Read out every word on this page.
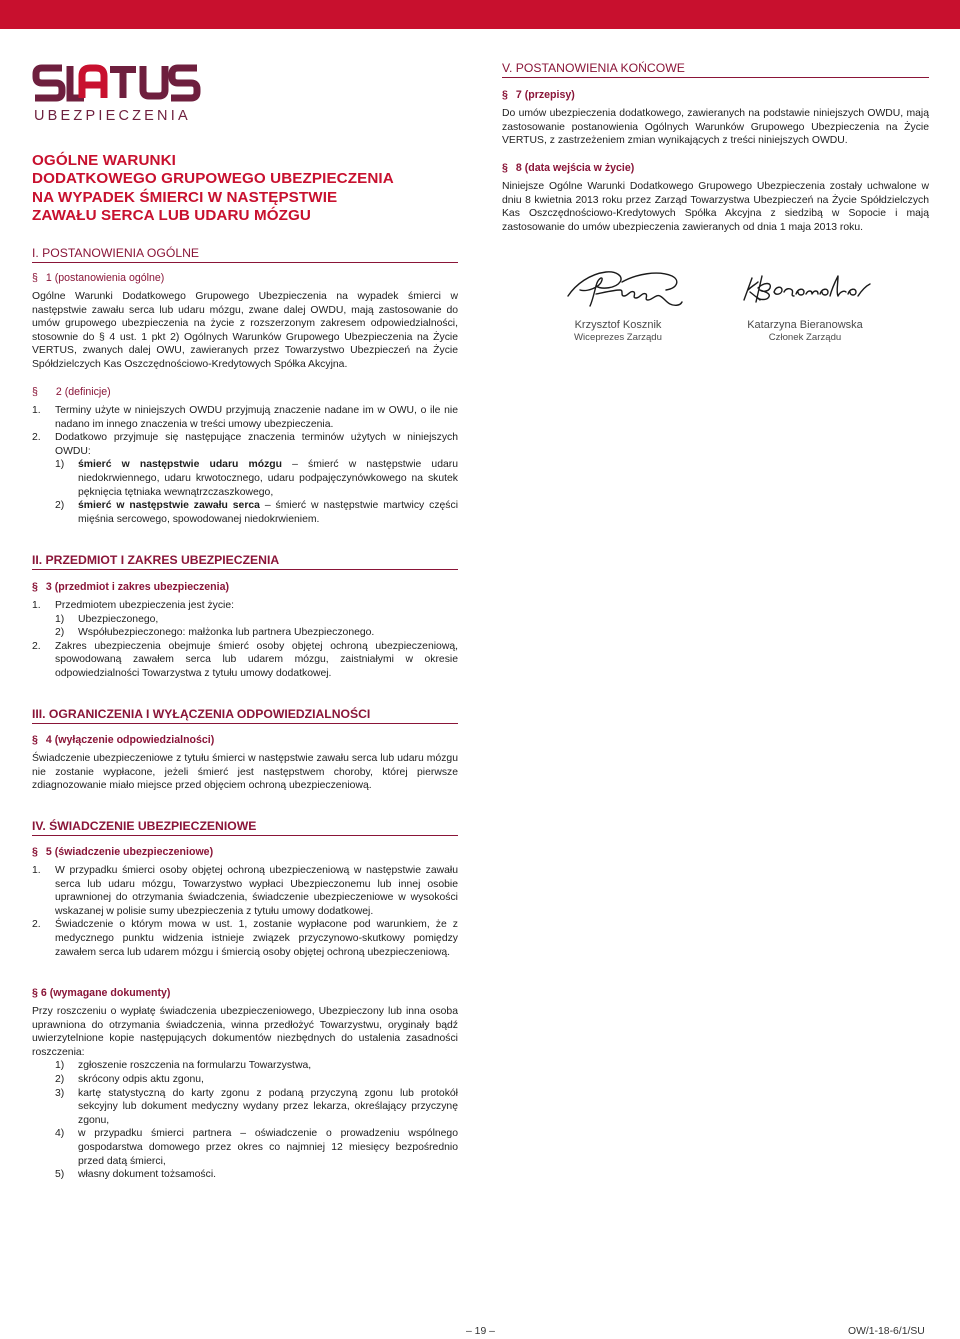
UBEZPIECZENIA
OGÓLNE WARUNKI
DODATKOWEGO GRUPOWEGO UBEZPIECZENIA
NA WYPADEK ŚMIERCI W NASTĘPSTWIE
ZAWAŁU SERCA LUB UDARU MÓZGU
I. POSTANOWIENIA OGÓLNE
§ 1 (postanowienia ogólne)

Ogólne Warunki Dodatkowego Grupowego Ubezpieczenia na wypadek śmierci w następstwie zawału serca lub udaru mózgu, zwane dalej OWDU, mają zastosowanie do umów grupowego ubezpieczenia na życie z rozszerzonym zakresem odpowiedzialności, stosownie do § 4 ust. 1 pkt 2) Ogólnych Warunków Grupowego Ubezpieczenia na Życie VERTUS, zwanych dalej OWU, zawieranych przez Towarzystwo Ubezpieczeń na Życie Spółdzielczych Kas Oszczędnościowo-Kredytowych Spółka Akcyjna.

§ 2 (definicje)
1.	Terminy użyte w niniejszych OWDU przyjmują znaczenie nadane im w OWU, o ile nie nadano im innego znaczenia w treści umowy ubezpieczenia.
2.	Dodatkowo przyjmuje się następujące znaczenia terminów użytych w niniejszych OWDU:
1)	śmierć w następstwie udaru mózgu – śmierć w następstwie udaru niedokrwiennego, udaru krwotocznego, udaru podpajęczynówkowego na skutek pęknięcia tętniaka wewnątrzczaszkowego,
2)	śmierć w następstwie zawału serca – śmierć w następstwie martwicy części mięśnia sercowego, spowodowanej niedokrwieniem.
II. PRZEDMIOT I ZAKRES UBEZPIECZENIA
§ 3 (przedmiot i zakres ubezpieczenia)
1.	Przedmiotem ubezpieczenia jest życie:
1)	Ubezpieczonego,
2)	Współubezpieczonego: małżonka lub partnera Ubezpieczonego.
2.	Zakres ubezpieczenia obejmuje śmierć osoby objętej ochroną ubezpieczeniową, spowodowaną zawałem serca lub udarem mózgu, zaistniałymi w okresie odpowiedzialności Towarzystwa z tytułu umowy dodatkowej.
III. OGRANICZENIA I WYŁĄCZENIA ODPOWIEDZIALNOŚCI
§ 4 (wyłączenie odpowiedzialności)

Świadczenie ubezpieczeniowe z tytułu śmierci w następstwie zawału serca lub udaru mózgu nie zostanie wypłacone, jeżeli śmierć jest następstwem choroby, której pierwsze zdiagnozowanie miało miejsce przed objęciem ochroną ubezpieczeniową.

IV. ŚWIADCZENIE UBEZPIECZENIOWE
§ 5 (świadczenie ubezpieczeniowe)
1.	W przypadku śmierci osoby objętej ochroną ubezpieczeniową w następstwie zawału serca lub udaru mózgu, Towarzystwo wypłaci Ubezpieczonemu lub innej osobie uprawnionej do otrzymania świadczenia, świadczenie ubezpieczeniowe w wysokości wskazanej w polisie sumy ubezpieczenia z tytułu umowy dodatkowej.
2.	Świadczenie o którym mowa w ust. 1, zostanie wypłacone pod warunkiem, że z medycznego punktu widzenia istnieje związek przyczynowo-skutkowy pomiędzy zawałem serca lub udarem mózgu i śmiercią osoby objętej ochroną ubezpieczeniową.
§ 6 (wymagane dokumenty)

Przy roszczeniu o wypłatę świadczenia ubezpieczeniowego, Ubezpieczony lub inna osoba uprawniona do otrzymania świadczenia, winna przedłożyć Towarzystwu, oryginały bądź uwierzytelnione kopie następujących dokumentów niezbędnych do ustalenia zasadności roszczenia:

1)	zgłoszenie roszczenia na formularzu Towarzystwa,
2)	skrócony odpis aktu zgonu,
3)	kartę statystyczną do karty zgonu z podaną przyczyną zgonu lub protokół sekcyjny lub dokument medyczny wydany przez lekarza, określający przyczynę zgonu,
4)	w przypadku śmierci partnera – oświadczenie o prowadzeniu wspólnego gospodarstwa domowego przez okres co najmniej 12 miesięcy bezpośrednio przed datą śmierci,
5)	własny dokument tożsamości.
V. POSTANOWIENIA KOŃCOWE
§ 7 (przepisy)

Do umów ubezpieczenia dodatkowego, zawieranych na podstawie niniejszych OWDU, mają zastosowanie postanowienia Ogólnych Warunków Grupowego Ubezpieczenia na Życie VERTUS, z zastrzeżeniem zmian wynikających z treści niniejszych OWDU.

§ 8 (data wejścia w życie)

Niniejsze Ogólne Warunki Dodatkowego Grupowego Ubezpieczenia zostały uchwalone w dniu 8 kwietnia 2013 roku przez Zarząd Towarzystwa Ubezpieczeń na Życie Spółdzielczych Kas Oszczędnościowo-Kredytowych Spółka Akcyjna z siedzibą w Sopocie i mają zastosowanie do umów ubezpieczenia zawieranych od dnia 1 maja 2013 roku.

Krzysztof Kosznik
Wiceprezes Zarządu
Katarzyna Bieranowska
Członek Zarządu
– 19 –	OW/1-18-6/1/SU
